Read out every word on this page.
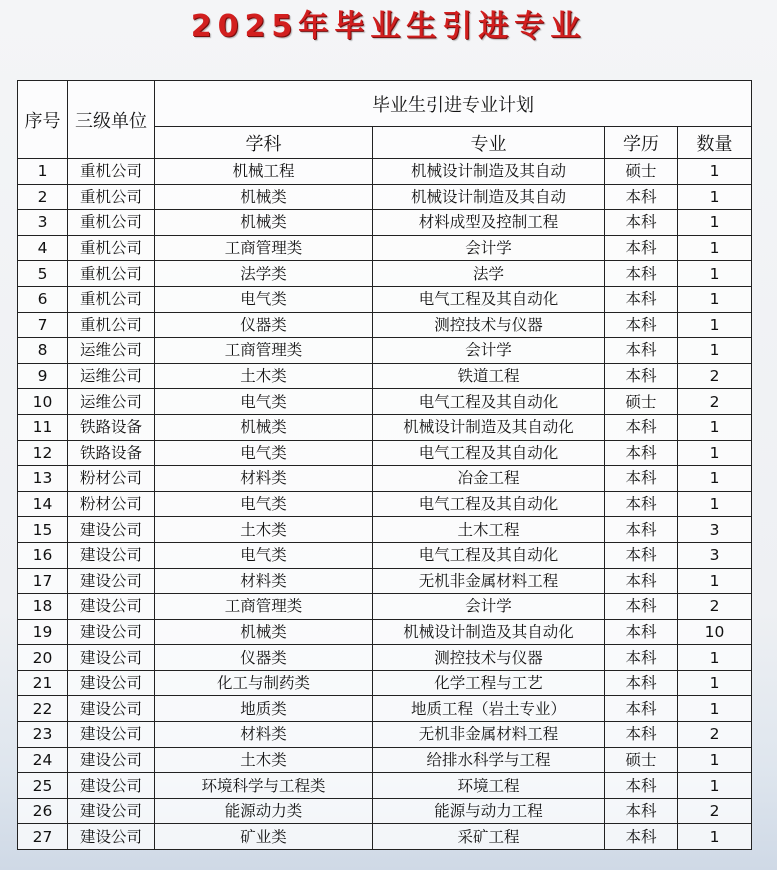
2025年毕业生引进专业
序号	三级单位	毕业生引进专业计划			
		学科	专业	学历	数量
1	重机公司	机械工程	机械设计制造及其自动	硕士	1
2	重机公司	机械类	机械设计制造及其自动	本科	1
3	重机公司	机械类	材料成型及控制工程	本科	1
4	重机公司	工商管理类	会计学	本科	1
5	重机公司	法学类	法学	本科	1
6	重机公司	电气类	电气工程及其自动化	本科	1
7	重机公司	仪器类	测控技术与仪器	本科	1
8	运维公司	工商管理类	会计学	本科	1
9	运维公司	土木类	铁道工程	本科	2
10	运维公司	电气类	电气工程及其自动化	硕士	2
11	铁路设备	机械类	机械设计制造及其自动化	本科	1
12	铁路设备	电气类	电气工程及其自动化	本科	1
13	粉材公司	材料类	冶金工程	本科	1
14	粉材公司	电气类	电气工程及其自动化	本科	1
15	建设公司	土木类	土木工程	本科	3
16	建设公司	电气类	电气工程及其自动化	本科	3
17	建设公司	材料类	无机非金属材料工程	本科	1
18	建设公司	工商管理类	会计学	本科	2
19	建设公司	机械类	机械设计制造及其自动化	本科	10
20	建设公司	仪器类	测控技术与仪器	本科	1
21	建设公司	化工与制药类	化学工程与工艺	本科	1
22	建设公司	地质类	地质工程（岩土专业）	本科	1
23	建设公司	材料类	无机非金属材料工程	本科	2
24	建设公司	土木类	给排水科学与工程	硕士	1
25	建设公司	环境科学与工程类	环境工程	本科	1
26	建设公司	能源动力类	能源与动力工程	本科	2
27	建设公司	矿业类	采矿工程	本科	1
